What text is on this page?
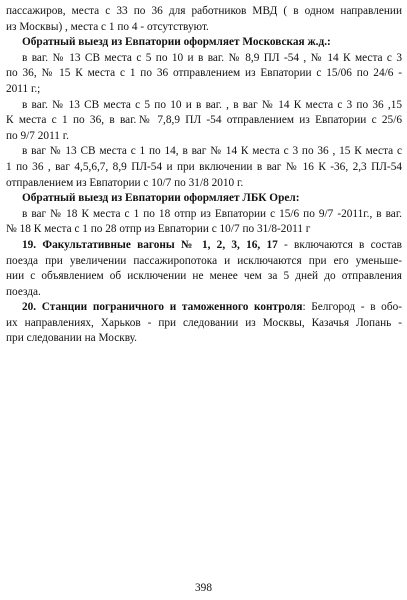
пассажиров, места с 33 по 36 для работников МВД ( в одном направлении
из Москвы) , места с 1 по 4 - отсутствуют.
Обратный выезд из Евпатории оформляет Московская ж.д.:
в ваг. № 13 СВ места с 5 по 10 и в ваг. № 8,9 ПЛ -54 , № 14 К места с 3
по 36, № 15 К места с 1 по 36 отправлением из Евпатории с 15/06 по 24/6 -
2011 г.;
в ваг. № 13 СВ места с 5 по 10 и в ваг. , в ваг № 14 К места с 3 по 36 ,15
К места с 1 по 36, в ваг.№ 7,8,9 ПЛ -54 отправлением из Евпатории с 25/6
по 9/7 2011 г.
в ваг № 13 СВ места с 1 по 14, в ваг № 14 К места с 3 по 36 , 15 К места с
1 по 36 , ваг 4,5,6,7, 8,9 ПЛ-54 и при включении в ваг № 16 К -36, 2,3 ПЛ-54
отправлением из Евпатории с 10/7 по 31/8 2010 г.
Обратный выезд из Евпатории оформляет ЛБК Орел:
в ваг № 18 К места с 1 по 18 отпр из Евпатории с 15/6 по 9/7 -2011г., в ваг.
№ 18 К места с 1 по 28 отпр из Евпатории с 10/7 по 31/8-2011 г
19. Факультативные вагоны № 1, 2, 3, 16, 17 - включаются в состав
поезда при увеличении пассажиропотока и исключаются при его уменьше-
нии с объявлением об исключении не менее чем за 5 дней до отправления
поезда.
20. Станции пограничного и таможенного контроля: Белгород - в обо-
их направлениях, Харьков - при следовании из Москвы, Казачья Лопань -
при следовании на Москву.
398
